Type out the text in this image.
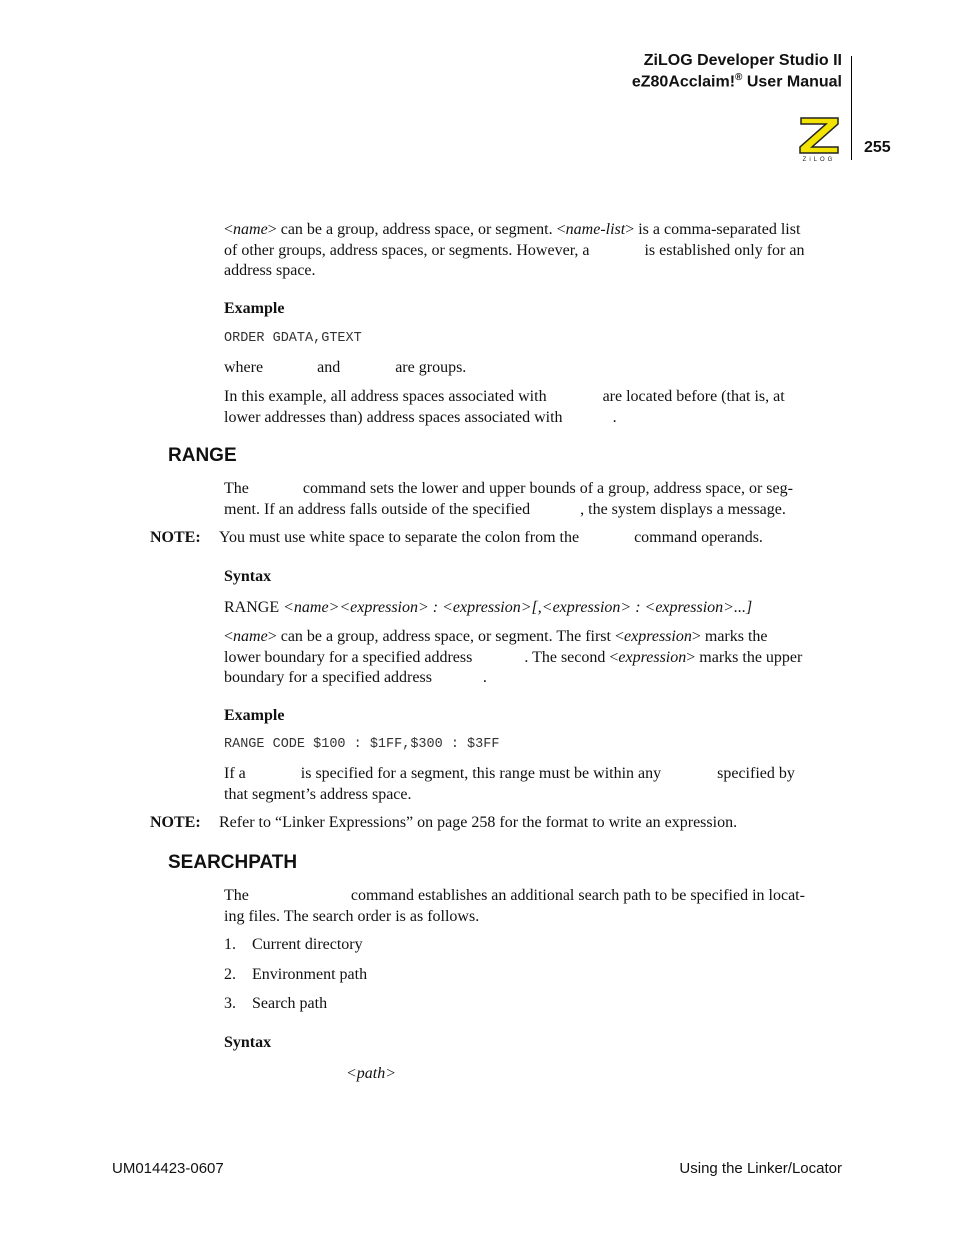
ZiLOG Developer Studio II
eZ80Acclaim!® User Manual
ZiLOG
255
<name> can be a group, address space, or segment. <name-list> is a comma-separated list
of other groups, address spaces, or segments. However, a	is established only for an
address space.
Example
ORDER GDATA,GTEXT
where	and	are groups.
In this example, all address spaces associated with	are located before (that is, at
lower addresses than) address spaces associated with	.
RANGE
The	command sets the lower and upper bounds of a group, address space, or seg-
ment. If an address falls outside of the specified	, the system displays a message.
NOTE: You must use white space to separate the colon from the	command operands.
Syntax
RANGE <name><expression> : <expression>[,<expression> : <expression>...]
<name> can be a group, address space, or segment. The first <expression> marks the
lower boundary for a specified address	. The second <expression> marks the upper
boundary for a specified address	.
Example
RANGE CODE $100 : $1FF,$300 : $3FF
If a	is specified for a segment, this range must be within any	specified by
that segment’s address space.
NOTE: Refer to “Linker Expressions” on page 258 for the format to write an expression.
SEARCHPATH
The	command establishes an additional search path to be specified in locat-
ing files. The search order is as follows.
1. Current directory
2. Environment path
3. Search path
Syntax
<path>
UM014423-0607	Using the Linker/Locator
